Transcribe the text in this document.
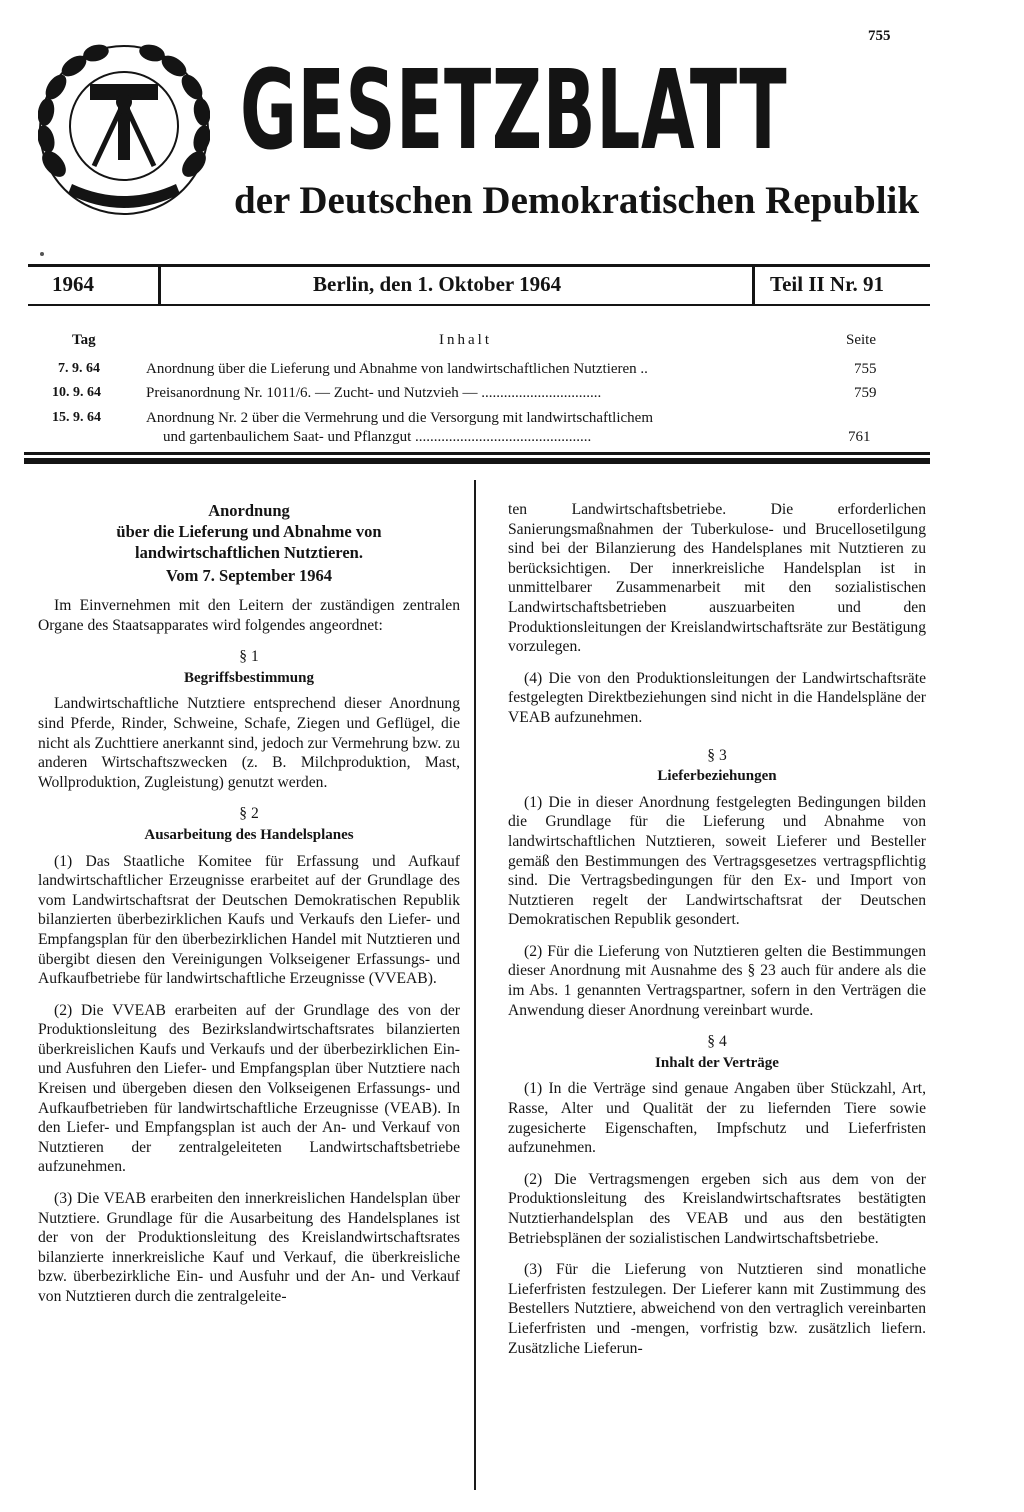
755
GESETZBLATT
der Deutschen Demokratischen Republik
1964	Berlin, den 1. Oktober 1964	Teil II Nr. 91
Tag	Inhalt	Seite
7. 9. 64	Anordnung über die Lieferung und Abnahme von landwirtschaftlichen Nutztieren ..	755
10. 9. 64	Preisanordnung Nr. 1011/6. — Zucht- und Nutzvieh — ................................	759
15. 9. 64	Anordnung Nr. 2 über die Vermehrung und die Versorgung mit landwirtschaftlichem
und gartenbaulichem Saat- und Pflanzgut ...............................................	761
Anordnung
über die Lieferung und Abnahme von
landwirtschaftlichen Nutztieren.
Vom 7. September 1964

Im Einvernehmen mit den Leitern der zuständigen zentralen Organe des Staatsapparates wird folgendes angeordnet:

§ 1
Begriffsbestimmung

Landwirtschaftliche Nutztiere entsprechend dieser Anordnung sind Pferde, Rinder, Schweine, Schafe, Ziegen und Geflügel, die nicht als Zuchttiere anerkannt sind, jedoch zur Vermehrung bzw. zu anderen Wirtschaftszwecken (z. B. Milchproduktion, Mast, Wollproduktion, Zugleistung) genutzt werden.

§ 2
Ausarbeitung des Handelsplanes

(1) Das Staatliche Komitee für Erfassung und Aufkauf landwirtschaftlicher Erzeugnisse erarbeitet auf der Grundlage des vom Landwirtschaftsrat der Deutschen Demokratischen Republik bilanzierten überbezirklichen Kaufs und Verkaufs den Liefer- und Empfangsplan für den überbezirklichen Handel mit Nutztieren und übergibt diesen den Vereinigungen Volkseigener Erfassungs- und Aufkaufbetriebe für landwirtschaftliche Erzeugnisse (VVEAB).

(2) Die VVEAB erarbeiten auf der Grundlage des von der Produktionsleitung des Bezirkslandwirtschaftsrates bilanzierten überkreislichen Kaufs und Verkaufs und der überbezirklichen Ein- und Ausfuhren den Liefer- und Empfangsplan über Nutztiere nach Kreisen und übergeben diesen den Volkseigenen Erfassungs- und Aufkaufbetrieben für landwirtschaftliche Erzeugnisse (VEAB). In den Liefer- und Empfangsplan ist auch der An- und Verkauf von Nutztieren der zentralgeleiteten Landwirtschaftsbetriebe aufzunehmen.

(3) Die VEAB erarbeiten den innerkreislichen Handelsplan über Nutztiere. Grundlage für die Ausarbeitung des Handelsplanes ist der von der Produktionsleitung des Kreislandwirtschaftsrates bilanzierte innerkreisliche Kauf und Verkauf, die überkreisliche bzw. überbezirkliche Ein- und Ausfuhr und der An- und Verkauf von Nutztieren durch die zentralgeleite-

ten Landwirtschaftsbetriebe. Die erforderlichen Sanierungsmaßnahmen der Tuberkulose- und Brucellosetilgung sind bei der Bilanzierung des Handelsplanes mit Nutztieren zu berücksichtigen. Der innerkreisliche Handelsplan ist in unmittelbarer Zusammenarbeit mit den sozialistischen Landwirtschaftsbetrieben auszuarbeiten und den Produktionsleitungen der Kreislandwirtschaftsräte zur Bestätigung vorzulegen.

(4) Die von den Produktionsleitungen der Landwirtschaftsräte festgelegten Direktbeziehungen sind nicht in die Handelspläne der VEAB aufzunehmen.

§ 3
Lieferbeziehungen

(1) Die in dieser Anordnung festgelegten Bedingungen bilden die Grundlage für die Lieferung und Abnahme von landwirtschaftlichen Nutztieren, soweit Lieferer und Besteller gemäß den Bestimmungen des Vertragsgesetzes vertragspflichtig sind. Die Vertragsbedingungen für den Ex- und Import von Nutztieren regelt der Landwirtschaftsrat der Deutschen Demokratischen Republik gesondert.

(2) Für die Lieferung von Nutztieren gelten die Bestimmungen dieser Anordnung mit Ausnahme des § 23 auch für andere als die im Abs. 1 genannten Vertragspartner, sofern in den Verträgen die Anwendung dieser Anordnung vereinbart wurde.

§ 4
Inhalt der Verträge

(1) In die Verträge sind genaue Angaben über Stückzahl, Art, Rasse, Alter und Qualität der zu liefernden Tiere sowie zugesicherte Eigenschaften, Impfschutz und Lieferfristen aufzunehmen.

(2) Die Vertragsmengen ergeben sich aus dem von der Produktionsleitung des Kreislandwirtschaftsrates bestätigten Nutztierhandelsplan des VEAB und aus den bestätigten Betriebsplänen der sozialistischen Landwirtschaftsbetriebe.

(3) Für die Lieferung von Nutztieren sind monatliche Lieferfristen festzulegen. Der Lieferer kann mit Zustimmung des Bestellers Nutztiere, abweichend von den vertraglich vereinbarten Lieferfristen und -mengen, vorfristig bzw. zusätzlich liefern. Zusätzliche Lieferun-
